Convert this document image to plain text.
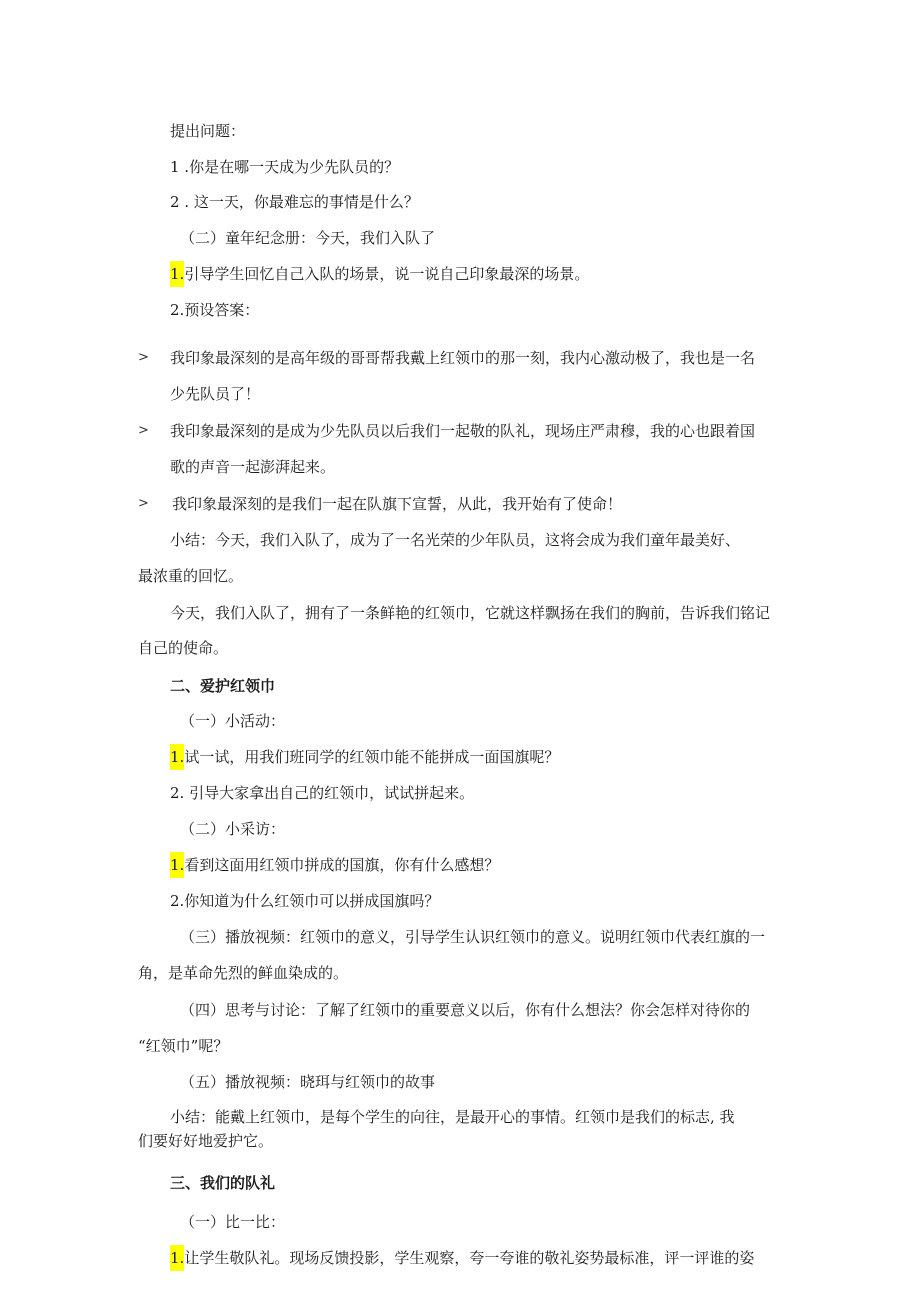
提出问题：
1 .你是在哪一天成为少先队员的？
2 . 这一天，你最难忘的事情是什么？
（二）童年纪念册：今天，我们入队了
1.引导学生回忆自己入队的场景，说一说自己印象最深的场景。
2.预设答案：
> 我印象最深刻的是高年级的哥哥帮我戴上红领巾的那一刻，我内心激动极了，我也是一名
少先队员了！
> 我印象最深刻的是成为少先队员以后我们一起敬的队礼，现场庄严肃穆，我的心也跟着国
歌的声音一起澎湃起来。
> 我印象最深刻的是我们一起在队旗下宣誓，从此，我开始有了使命！
小结：今天，我们入队了，成为了一名光荣的少年队员，这将会成为我们童年最美好、
最浓重的回忆。
今天，我们入队了，拥有了一条鲜艳的红领巾，它就这样飘扬在我们的胸前，告诉我们铭记
自己的使命。
二、爱护红领巾
（一）小活动：
1.试一试，用我们班同学的红领巾能不能拼成一面国旗呢？
2. 引导大家拿出自己的红领巾，试试拼起来。
（二）小采访：
1.看到这面用红领巾拼成的国旗，你有什么感想？
2.你知道为什么红领巾可以拼成国旗吗？
（三）播放视频：红领巾的意义，引导学生认识红领巾的意义。说明红领巾代表红旗的一
角，是革命先烈的鲜血染成的。
（四）思考与讨论：了解了红领巾的重要意义以后，你有什么想法？你会怎样对待你的
“红领巾”呢？
（五）播放视频：晓珥与红领巾的故事
小结：能戴上红领巾，是每个学生的向往，是最开心的事情。红领巾是我们的标志, 我
们要好好地爱护它。
三、我们的队礼
（一）比一比：
1.让学生敬队礼。现场反馈投影，学生观察，夸一夸谁的敬礼姿势最标准，评一评谁的姿
